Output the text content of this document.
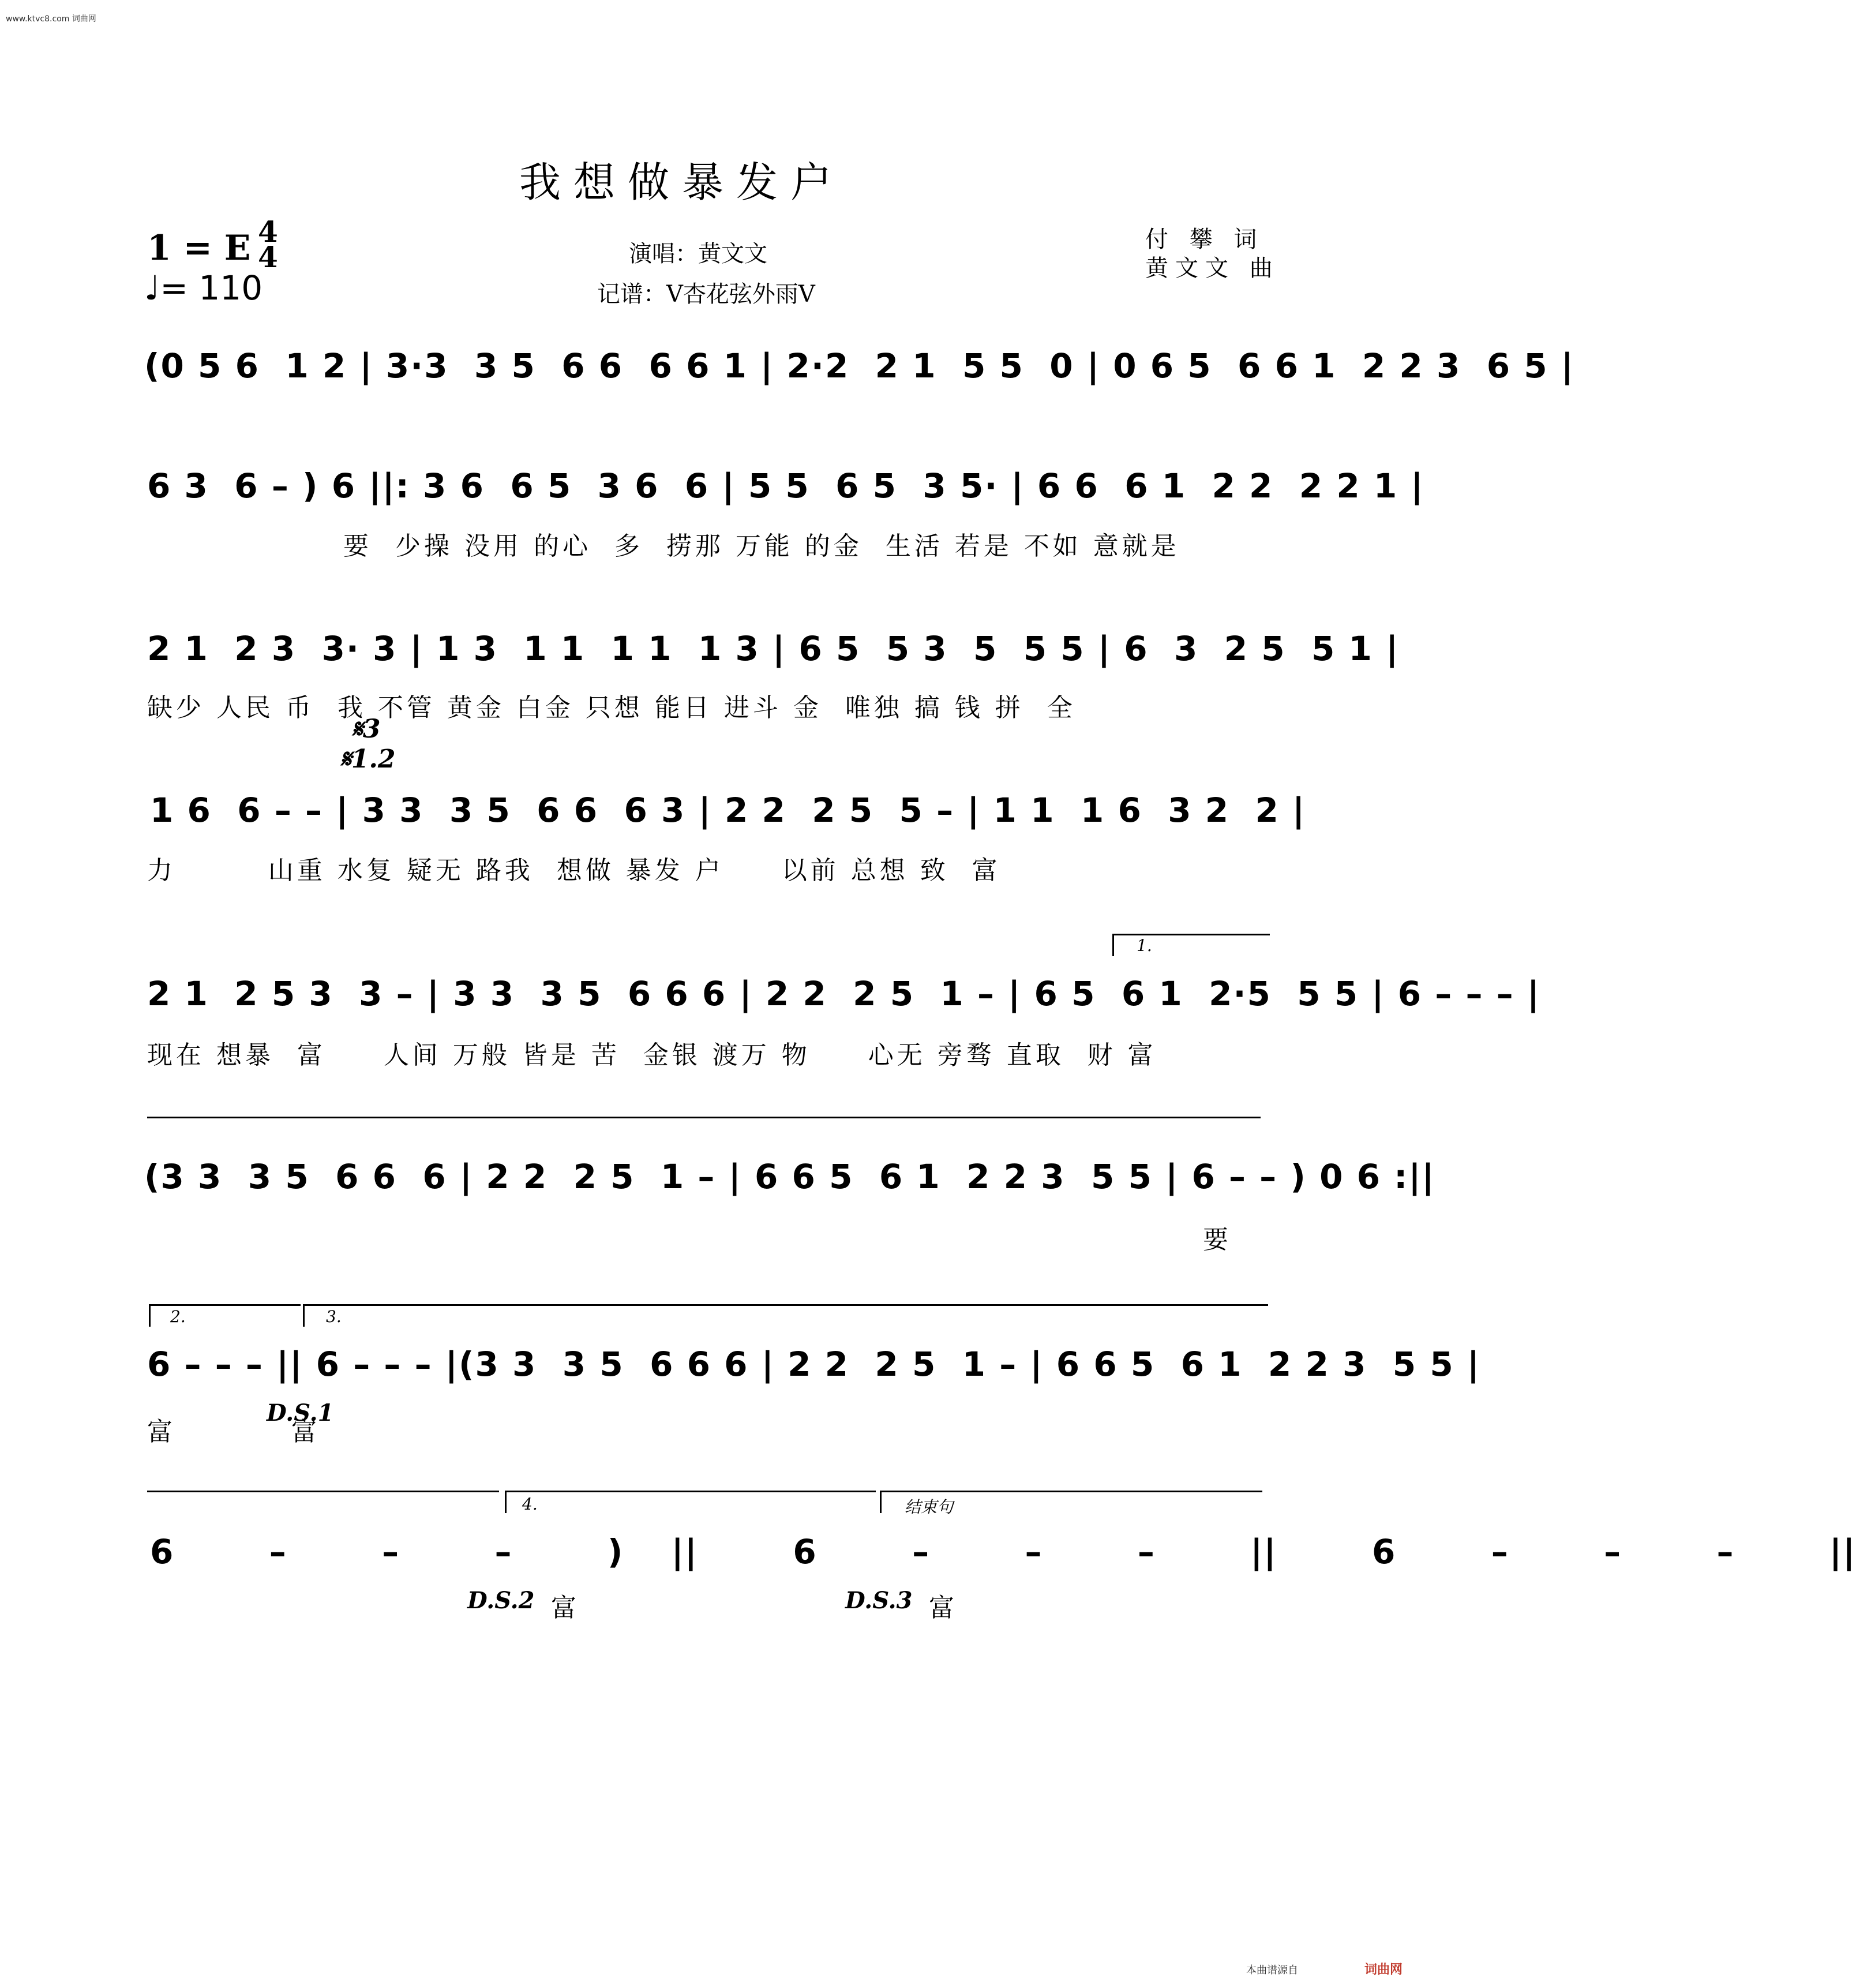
www.ktvc8.com 词曲网
我想做暴发户
1 = E 4
4
♩= 110
演唱：黄文文
记谱：V杏花弦外雨V
付 攀 词
黄文文 曲
(0 5 6  1 2 | 3·3  3 5  6 6  6 6 1 | 2·2  2 1  5 5  0 | 0 6 5  6 6 1  2 2 3  6 5 |
6 3  6 – ) 6 ||: 3 6  6 5  3 6  6 | 5 5  6 5  3 5· | 6 6  6 1  2 2  2 2 1 |
要  少操 没用 的心  多  捞那 万能 的金  生活 若是 不如 意就是
2 1  2 3  3· 3 | 1 3  1 1  1 1  1 3 | 6 5  5 3  5  5 5 | 6  3  2 5  5 1 |
缺少 人民 币  我 不管 黄金 白金 只想 能日 进斗 金  唯独 搞 钱 拼  全
𝄋3
𝄋1.2
1 6  6 – – | 3 3  3 5  6 6  6 3 | 2 2  2 5  5 – | 1 1  1 6  3 2  2 |
力        山重 水复 疑无 路我  想做 暴发 户     以前 总想 致  富
1.
2 1  2 5 3  3 – | 3 3  3 5  6 6 6 | 2 2  2 5  1 – | 6 5  6 1  2·5  5 5 | 6 – – – |
现在 想暴  富     人间 万般 皆是 苦  金银 渡万 物     心无 旁骛 直取  财 富
(3 3  3 5  6 6  6 | 2 2  2 5  1 – | 6 6 5  6 1  2 2 3  5 5 | 6 – – ) 0 6 :||
要
2.	3.
6 – – – || 6 – – – |(3 3  3 5  6 6 6 | 2 2  2 5  1 – | 6 6 5  6 1  2 2 3  5 5 |
富          富
D.S.1
4.	结束句
6  –  –  –  ) ||  6  –  –  –  ||  6  –  –  –  ||
D.S.2 富	D.S.3 富
本曲谱源自	词曲网
